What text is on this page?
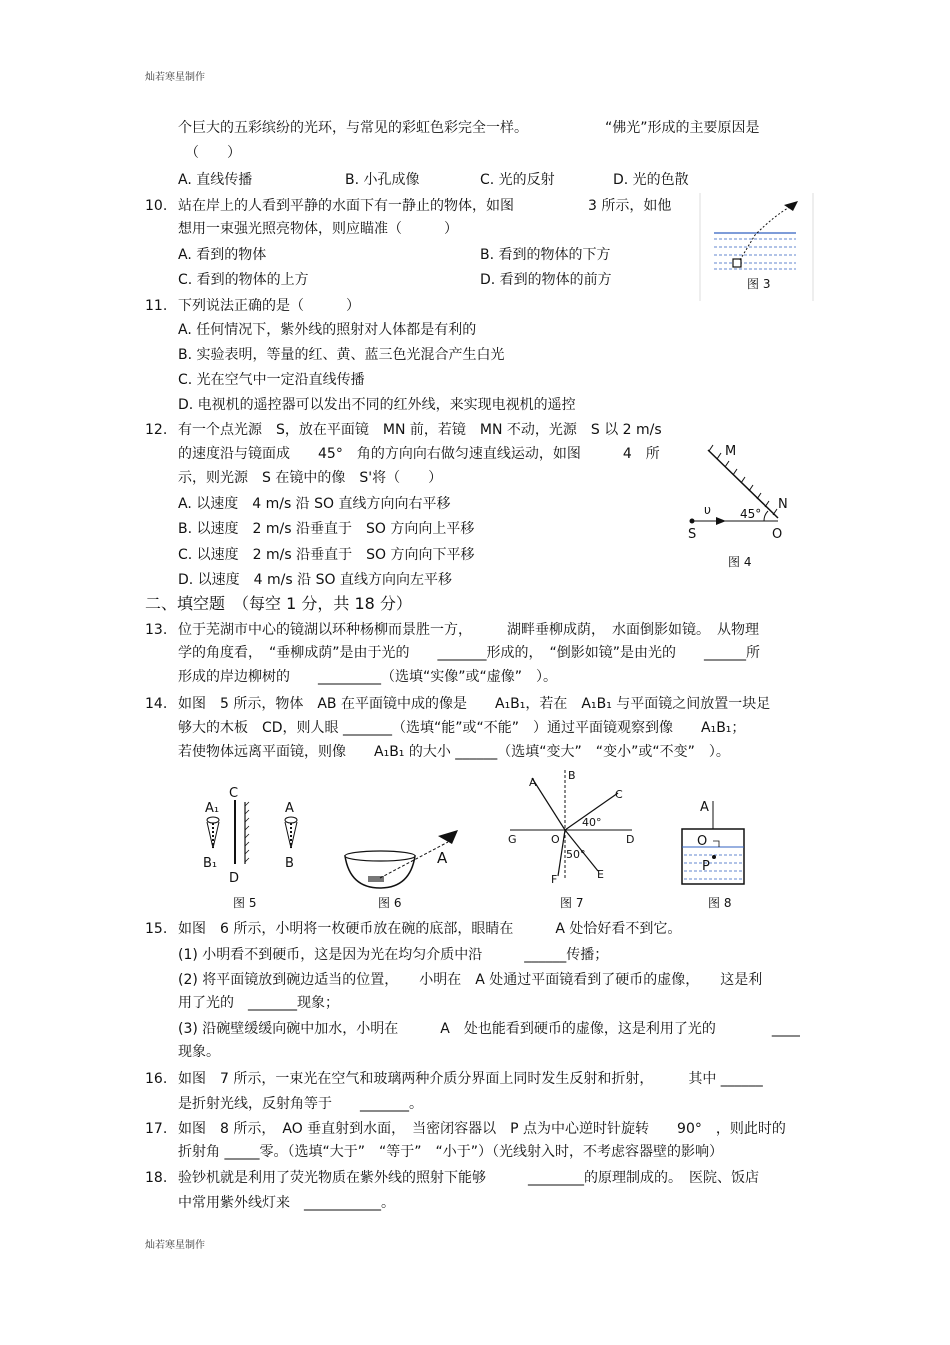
灿若寒星制作
个巨大的五彩缤纷的光环，与常见的彩虹色彩完全一样。	“佛光”形成的主要原因是
（　　）
A. 直线传播	B. 小孔成像	C. 光的反射	D. 光的色散
10. 站在岸上的人看到平静的水面下有一静止的物体，如图	3 所示，如他
想用一束强光照亮物体，则应瞄准（　　　）
A. 看到的物体	B. 看到的物体的下方
C. 看到的物体的上方	D. 看到的物体的前方	图 3
11. 下列说法正确的是（　　　）
A. 任何情况下，紫外线的照射对人体都是有利的
B. 实验表明，等量的红、黄、蓝三色光混合产生白光
C. 光在空气中一定沿直线传播
D. 电视机的遥控器可以发出不同的红外线，来实现电视机的遥控
12. 有一个点光源　S，放在平面镜　MN 前，若镜　MN 不动，光源　S 以 2 m/s
的速度沿与镜面成　　45°　角的方向向右做匀速直线运动，如图　　　4　所
示，则光源　S 在镜中的像　S'将（　　）
A. 以速度　4 m/s 沿 SO 直线方向向右平移
B. 以速度　2 m/s 沿垂直于　SO 方向向上平移
C. 以速度　2 m/s 沿垂直于　SO 方向向下平移
D. 以速度　4 m/s 沿 SO 直线方向向左平移
M
N
υ 45°
S	O
图 4
二、填空题　（每空 1 分，共 18 分）
13. 位于芜湖市中心的镜湖以环种杨柳而景胜一方，　　　湖畔垂柳成荫，　水面倒影如镜。　从物理
学的角度看，　“垂柳成荫”是由于光的　　_______形成的，　“倒影如镜”是由光的　　______所
形成的岸边柳树的　　_________（选填“实像”或“虚像”　）。
14. 如图　5 所示，物体　AB 在平面镜中成的像是　　A₁B₁，若在　A₁B₁ 与平面镜之间放置一块足
够大的木板　CD，则人眼 _______（选填“能”或“不能”　）通过平面镜观察到像　　A₁B₁；
若使物体远离平面镜，则像　　A₁B₁ 的大小 ______（选填“变大”　“变小”或“不变”　）。
A₁
B₁
C
D
A
B
图 5
A
图 6
A
B
C
40°
G	O	D
50°
E
F
图 7
A
O
P
图 8
15. 如图　6 所示，小明将一枚硬币放在碗的底部，眼睛在　　　A 处恰好看不到它。
(1) 小明看不到硬币，这是因为光在均匀介质中沿　　　______传播；
(2) 将平面镜放到碗边适当的位置，　　小明在　A 处通过平面镜看到了硬币的虚像，　　这是利
用了光的　_______现象；
(3) 沿碗壁缓缓向碗中加水，小明在　　　A　处也能看到硬币的虚像，这是利用了光的　　　　____
现象。
16. 如图　7 所示，一束光在空气和玻璃两种介质分界面上同时发生反射和折射，　　　其中 ______
是折射光线，反射角等于　　_______。
17. 如图　8 所示，　AO 垂直射到水面，　当密闭容器以　P 点为中心逆时针旋转　　90°　，则此时的
折射角 _____零。（选填“大于”　“等于”　“小于”）（光线射入时，不考虑容器壁的影响）
18. 验钞机就是利用了荧光物质在紫外线的照射下能够　　　________的原理制成的。　医院、饭店
中常用紫外线灯来　___________。
灿若寒星制作
